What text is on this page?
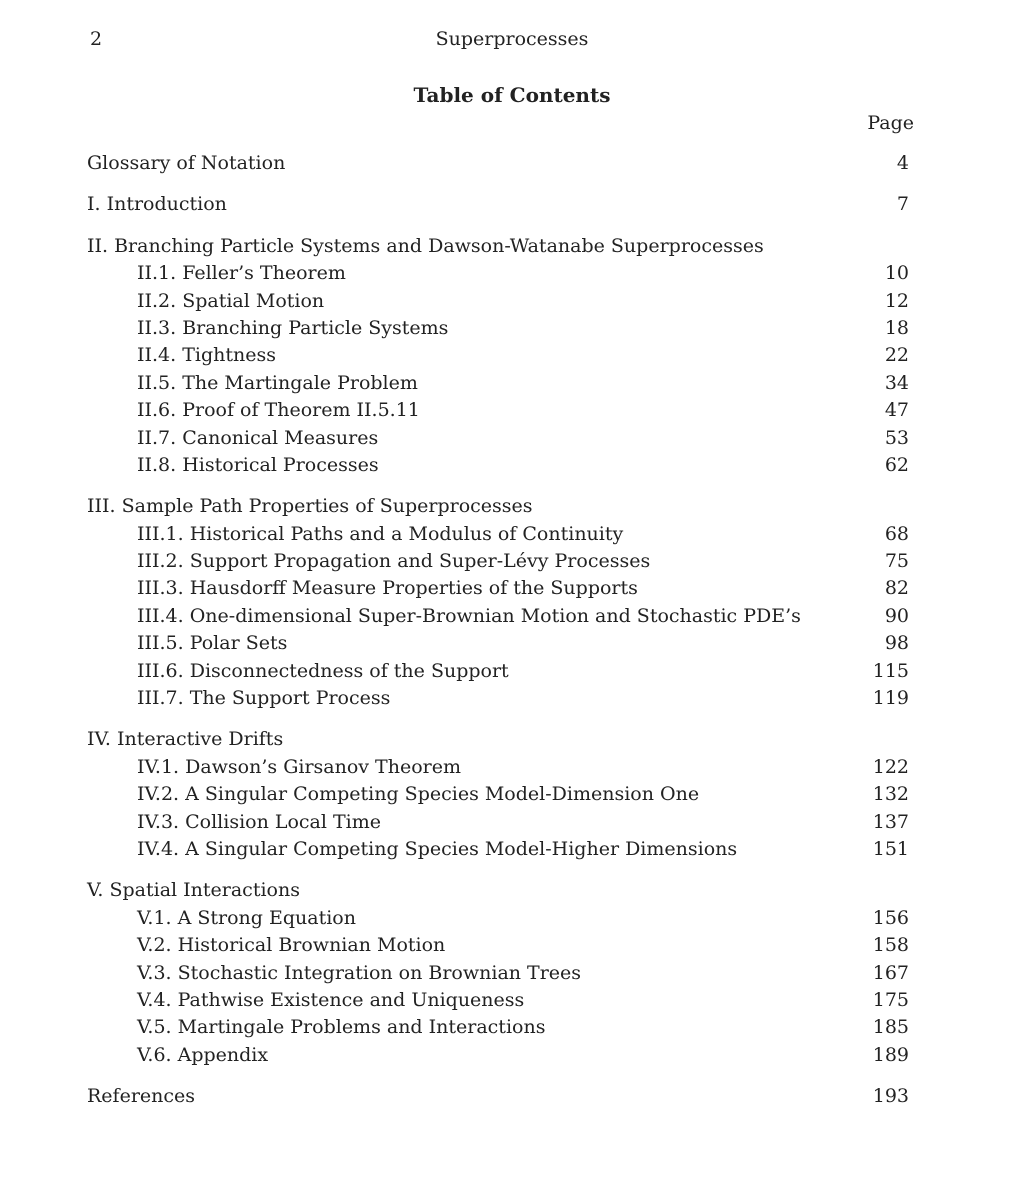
2	Superprocesses
Table of Contents
Page
Glossary of Notation	4
I. Introduction	7
II. Branching Particle Systems and Dawson-Watanabe Superprocesses
II.1. Feller’s Theorem	10
II.2. Spatial Motion	12
II.3. Branching Particle Systems	18
II.4. Tightness	22
II.5. The Martingale Problem	34
II.6. Proof of Theorem II.5.11	47
II.7. Canonical Measures	53
II.8. Historical Processes	62
III. Sample Path Properties of Superprocesses
III.1. Historical Paths and a Modulus of Continuity	68
III.2. Support Propagation and Super-Lévy Processes	75
III.3. Hausdorff Measure Properties of the Supports	82
III.4. One-dimensional Super-Brownian Motion and Stochastic PDE’s	90
III.5. Polar Sets	98
III.6. Disconnectedness of the Support	115
III.7. The Support Process	119
IV. Interactive Drifts
IV.1. Dawson’s Girsanov Theorem	122
IV.2. A Singular Competing Species Model-Dimension One	132
IV.3. Collision Local Time	137
IV.4. A Singular Competing Species Model-Higher Dimensions	151
V. Spatial Interactions
V.1. A Strong Equation	156
V.2. Historical Brownian Motion	158
V.3. Stochastic Integration on Brownian Trees	167
V.4. Pathwise Existence and Uniqueness	175
V.5. Martingale Problems and Interactions	185
V.6. Appendix	189
References	193
